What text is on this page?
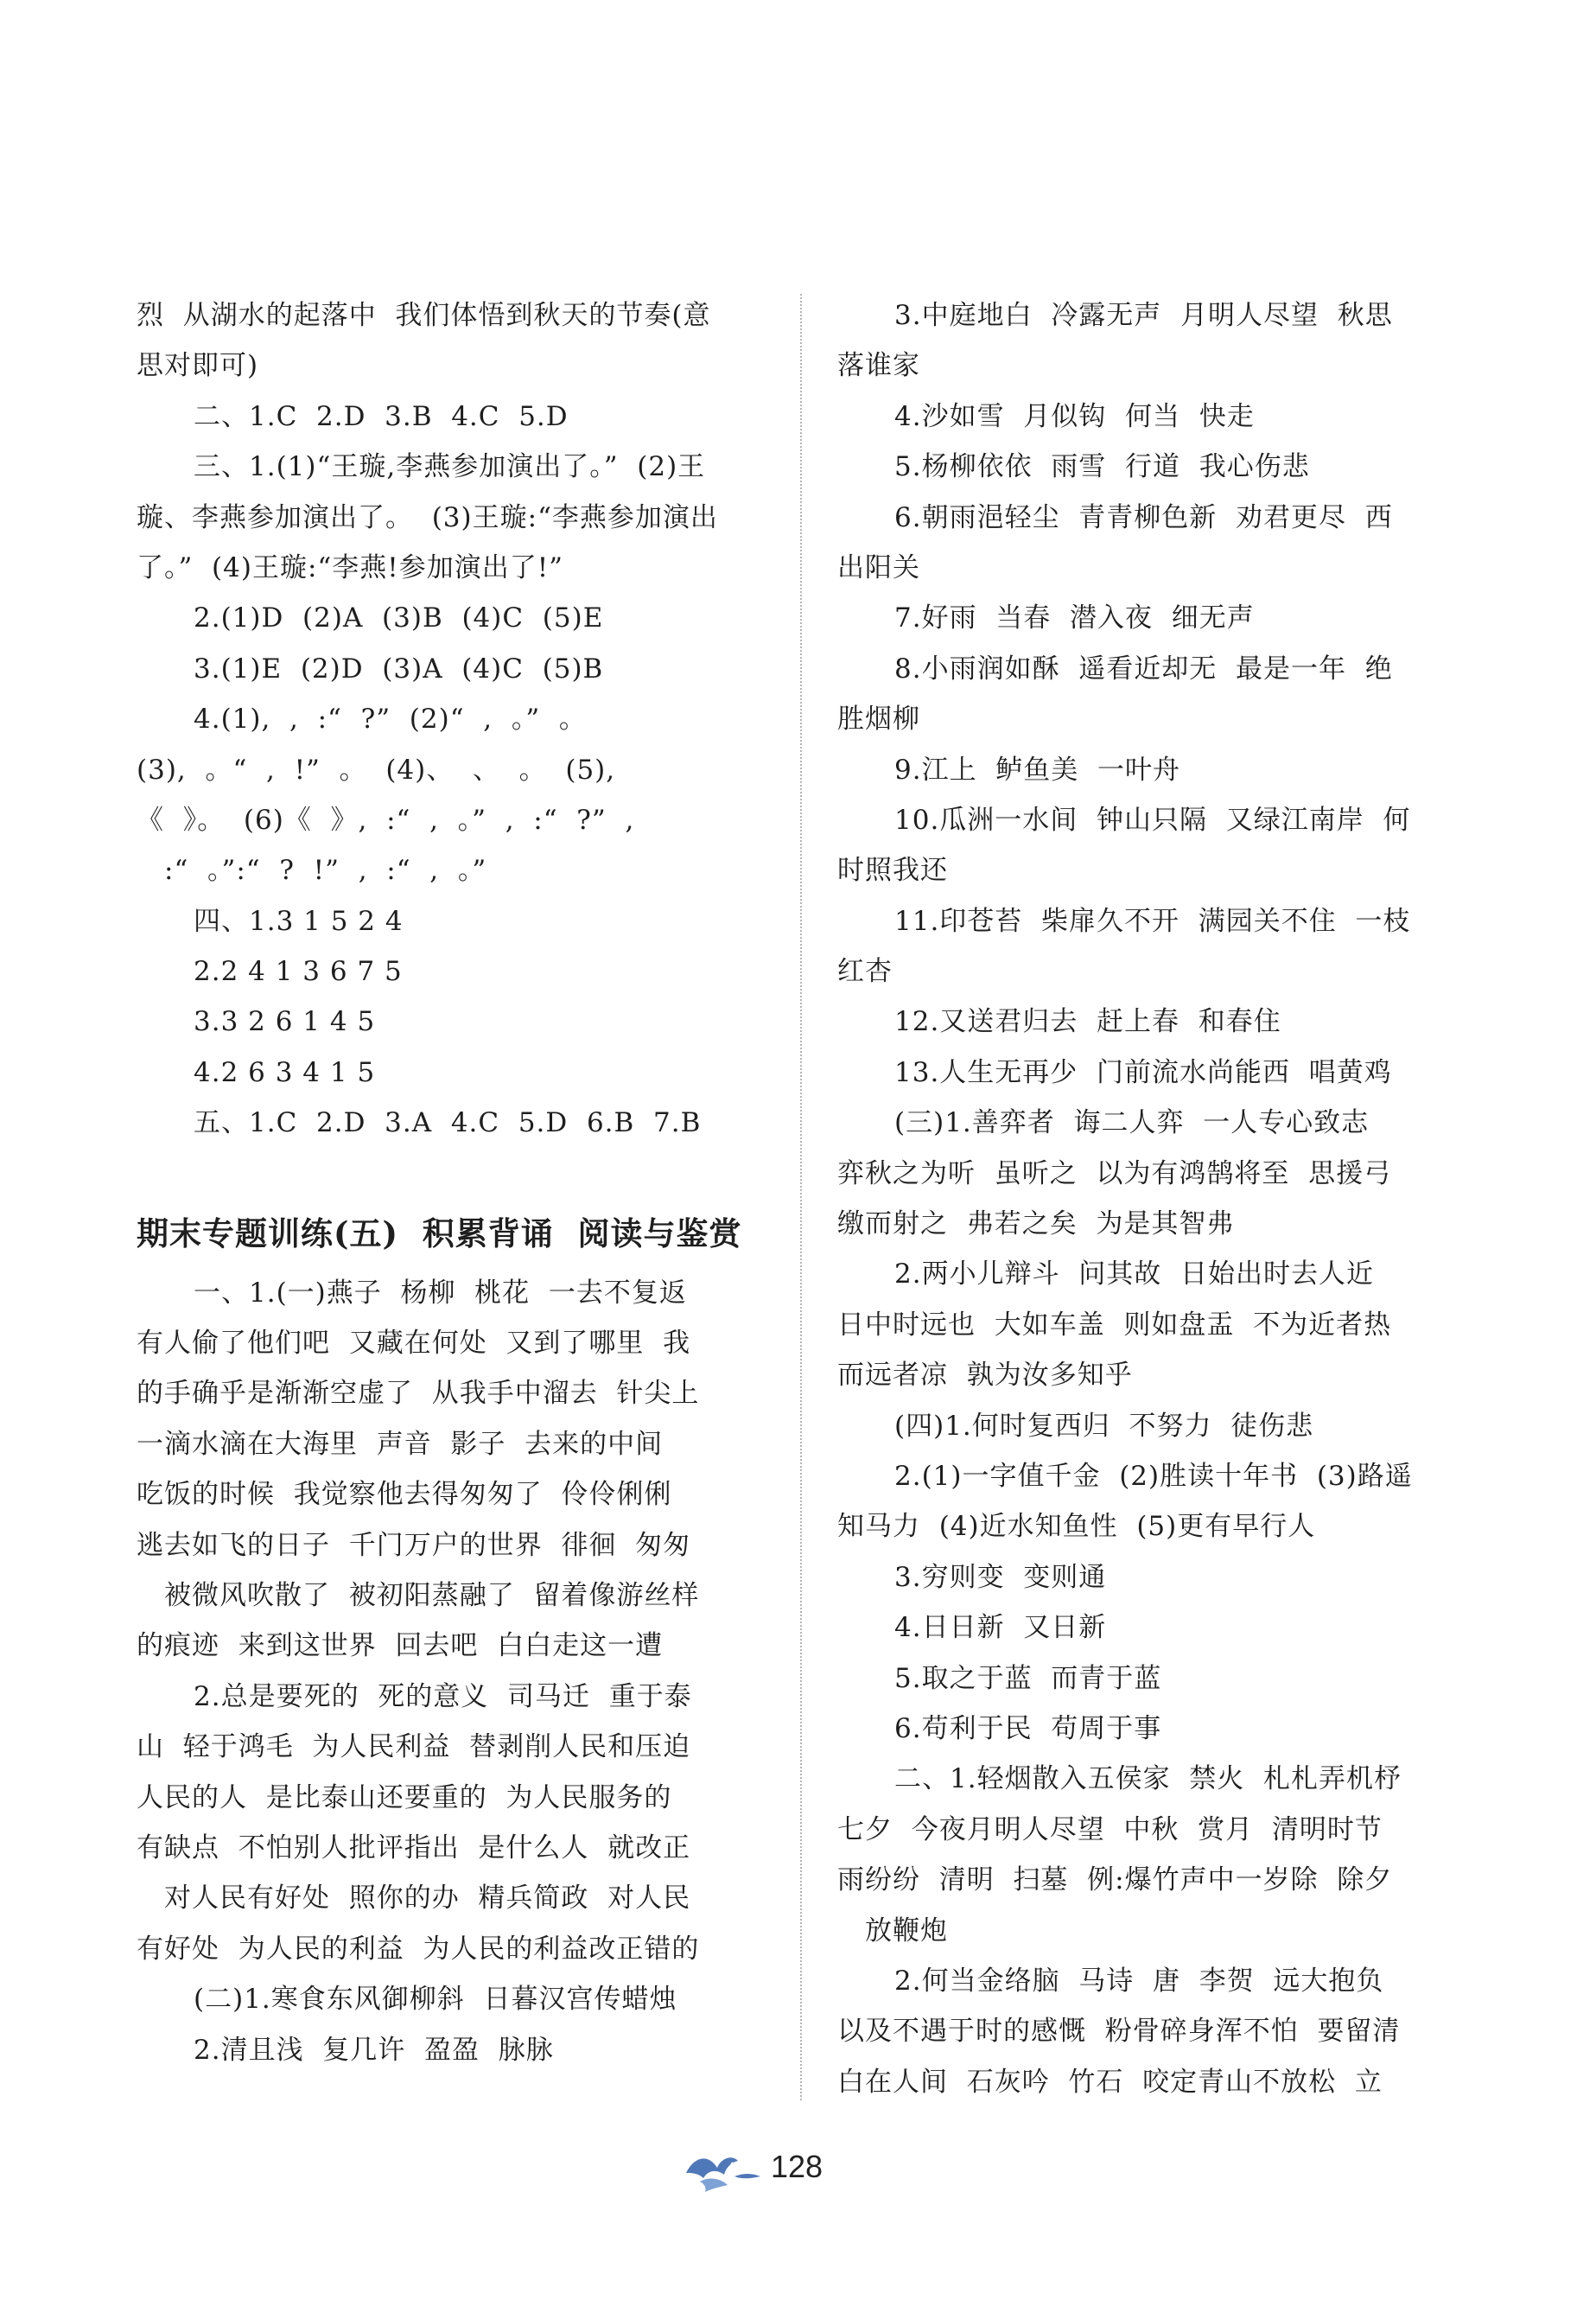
烈  从湖水的起落中  我们体悟到秋天的节奏(意
思对即可)
二、1.C  2.D  3.B  4.C  5.D
三、1.(1)“王璇,李燕参加演出了。”  (2)王
璇、李燕参加演出了。  (3)王璇:“李燕参加演出
了。”  (4)王璇:“李燕!参加演出了!”
2.(1)D  (2)A  (3)B  (4)C  (5)E
3.(1)E  (2)D  (3)A  (4)C  (5)B
4.(1),  ,  :“  ?”  (2)“  ,  。”  。
(3),  。“  ,  !”  。  (4)、  、  。  (5),
《  》。  (6)《  》,  :“  ,  。”  ,  :“  ?”  ,
:“  。”:“  ?  !”  ,  :“  ,  。”
四、1.3 1 5 2 4
2.2 4 1 3 6 7 5
3.3 2 6 1 4 5
4.2 6 3 4 1 5
五、1.C  2.D  3.A  4.C  5.D  6.B  7.B
期末专题训练(五)  积累背诵  阅读与鉴赏
一、1.(一)燕子  杨柳  桃花  一去不复返
有人偷了他们吧  又藏在何处  又到了哪里  我
的手确乎是渐渐空虚了  从我手中溜去  针尖上
一滴水滴在大海里  声音  影子  去来的中间
吃饭的时候  我觉察他去得匆匆了  伶伶俐俐
逃去如飞的日子  千门万户的世界  徘徊  匆匆
被微风吹散了  被初阳蒸融了  留着像游丝样
的痕迹  来到这世界  回去吧  白白走这一遭
2.总是要死的  死的意义  司马迁  重于泰
山  轻于鸿毛  为人民利益  替剥削人民和压迫
人民的人  是比泰山还要重的  为人民服务的
有缺点  不怕别人批评指出  是什么人  就改正
对人民有好处  照你的办  精兵简政  对人民
有好处  为人民的利益  为人民的利益改正错的
(二)1.寒食东风御柳斜  日暮汉宫传蜡烛
2.清且浅  复几许  盈盈  脉脉
3.中庭地白  冷露无声  月明人尽望  秋思
落谁家
4.沙如雪  月似钩  何当  快走
5.杨柳依依  雨雪  行道  我心伤悲
6.朝雨浥轻尘  青青柳色新  劝君更尽  西
出阳关
7.好雨  当春  潜入夜  细无声
8.小雨润如酥  遥看近却无  最是一年  绝
胜烟柳
9.江上  鲈鱼美  一叶舟
10.瓜洲一水间  钟山只隔  又绿江南岸  何
时照我还
11.印苍苔  柴扉久不开  满园关不住  一枝
红杏
12.又送君归去  赶上春  和春住
13.人生无再少  门前流水尚能西  唱黄鸡
(三)1.善弈者  诲二人弈  一人专心致志
弈秋之为听  虽听之  以为有鸿鹄将至  思援弓
缴而射之  弗若之矣  为是其智弗
2.两小儿辩斗  问其故  日始出时去人近
日中时远也  大如车盖  则如盘盂  不为近者热
而远者凉  孰为汝多知乎
(四)1.何时复西归  不努力  徒伤悲
2.(1)一字值千金  (2)胜读十年书  (3)路遥
知马力  (4)近水知鱼性  (5)更有早行人
3.穷则变  变则通
4.日日新  又日新
5.取之于蓝  而青于蓝
6.苟利于民  苟周于事
二、1.轻烟散入五侯家  禁火  札札弄机杼
七夕  今夜月明人尽望  中秋  赏月  清明时节
雨纷纷  清明  扫墓  例:爆竹声中一岁除  除夕
放鞭炮
2.何当金络脑  马诗  唐  李贺  远大抱负
以及不遇于时的感慨  粉骨碎身浑不怕  要留清
白在人间  石灰吟  竹石  咬定青山不放松  立
128
